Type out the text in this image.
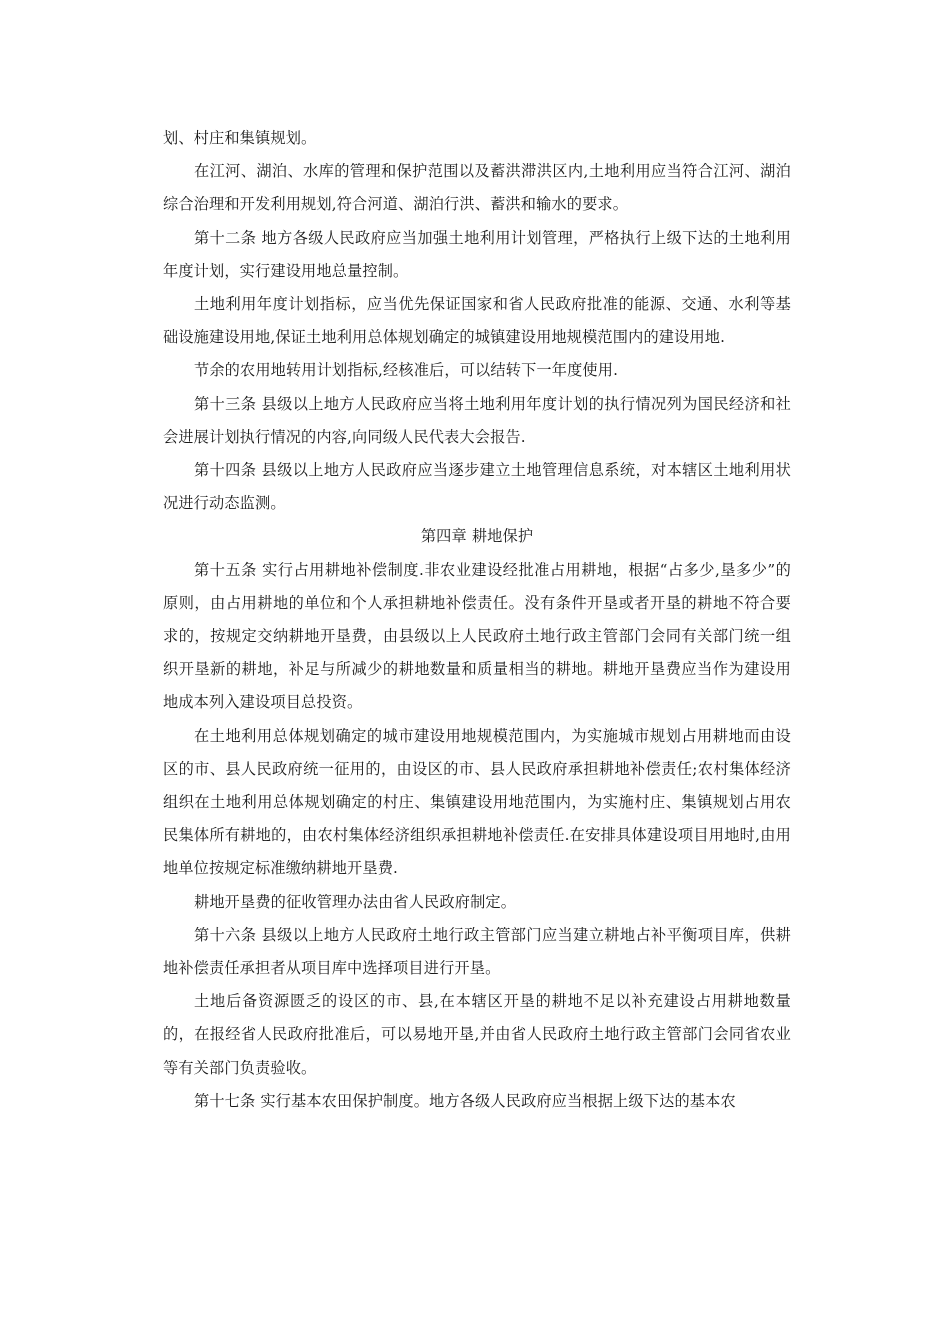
划、村庄和集镇规划。

在江河、湖泊、水库的管理和保护范围以及蓄洪滞洪区内,土地利用应当符合江河、湖泊综合治理和开发利用规划,符合河道、湖泊行洪、蓄洪和输水的要求。

第十二条 地方各级人民政府应当加强土地利用计划管理，严格执行上级下达的土地利用年度计划，实行建设用地总量控制。

土地利用年度计划指标，应当优先保证国家和省人民政府批准的能源、交通、水利等基础设施建设用地,保证土地利用总体规划确定的城镇建设用地规模范围内的建设用地.

节余的农用地转用计划指标,经核准后，可以结转下一年度使用.

第十三条 县级以上地方人民政府应当将土地利用年度计划的执行情况列为国民经济和社会进展计划执行情况的内容,向同级人民代表大会报告.

第十四条 县级以上地方人民政府应当逐步建立土地管理信息系统，对本辖区土地利用状况进行动态监测。

第四章 耕地保护

第十五条 实行占用耕地补偿制度.非农业建设经批准占用耕地，根据“占多少,垦多少”的原则，由占用耕地的单位和个人承担耕地补偿责任。没有条件开垦或者开垦的耕地不符合要求的，按规定交纳耕地开垦费，由县级以上人民政府土地行政主管部门会同有关部门统一组织开垦新的耕地，补足与所减少的耕地数量和质量相当的耕地。耕地开垦费应当作为建设用地成本列入建设项目总投资。

在土地利用总体规划确定的城市建设用地规模范围内，为实施城市规划占用耕地而由设区的市、县人民政府统一征用的，由设区的市、县人民政府承担耕地补偿责任;农村集体经济组织在土地利用总体规划确定的村庄、集镇建设用地范围内，为实施村庄、集镇规划占用农民集体所有耕地的，由农村集体经济组织承担耕地补偿责任.在安排具体建设项目用地时,由用地单位按规定标准缴纳耕地开垦费.

耕地开垦费的征收管理办法由省人民政府制定。

第十六条 县级以上地方人民政府土地行政主管部门应当建立耕地占补平衡项目库，供耕地补偿责任承担者从项目库中选择项目进行开垦。

土地后备资源匮乏的设区的市、县,在本辖区开垦的耕地不足以补充建设占用耕地数量的，在报经省人民政府批准后，可以易地开垦,并由省人民政府土地行政主管部门会同省农业等有关部门负责验收。

第十七条 实行基本农田保护制度。地方各级人民政府应当根据上级下达的基本农
